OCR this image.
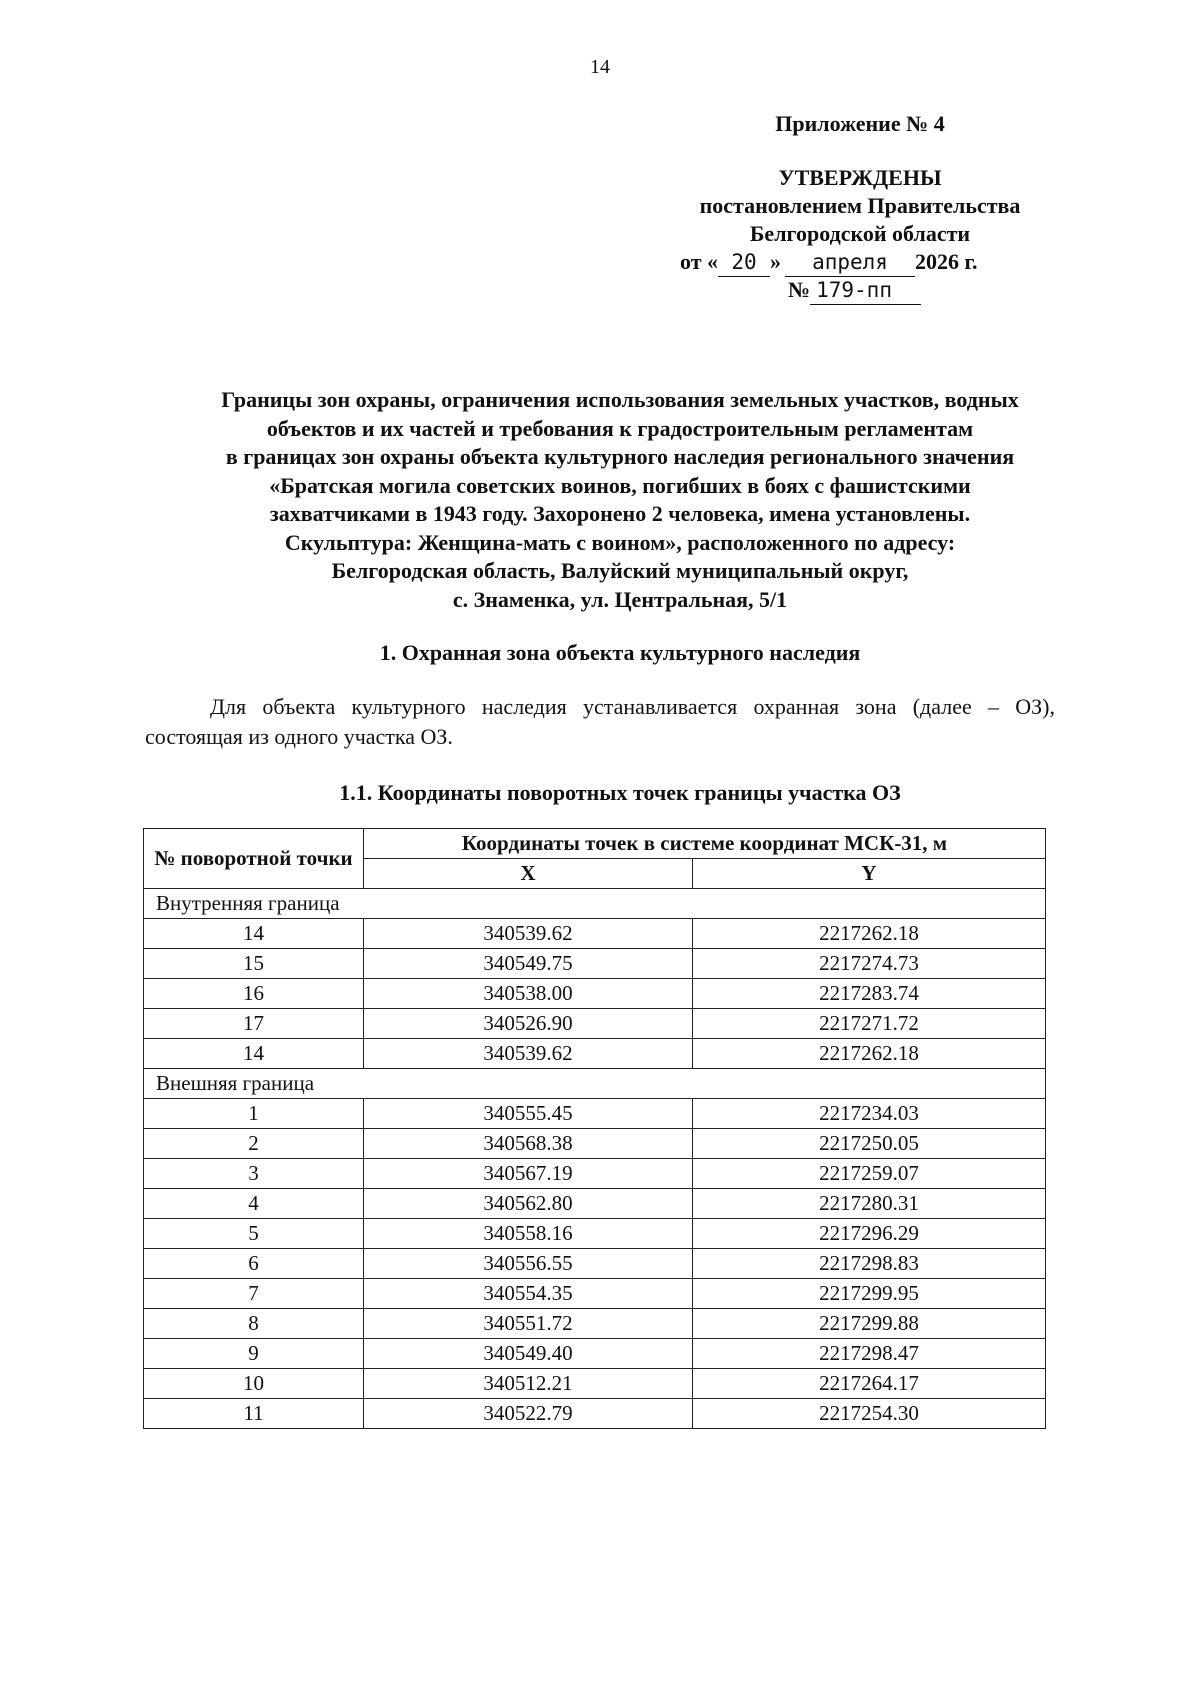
14
Приложение № 4
УТВЕРЖДЕНЫ
постановлением Правительства
Белгородской области
от « 20 » апреля 2026 г.
№ 179-пп
Границы зон охраны, ограничения использования земельных участков, водных
объектов и их частей и требования к градостроительным регламентам
в границах зон охраны объекта культурного наследия регионального значения
«Братская могила советских воинов, погибших в боях с фашистскими
захватчиками в 1943 году. Захоронено 2 человека, имена установлены.
Скульптура: Женщина-мать с воином», расположенного по адресу:
Белгородская область, Валуйский муниципальный округ,
с. Знаменка, ул. Центральная, 5/1
1. Охранная зона объекта культурного наследия
Для объекта культурного наследия устанавливается охранная зона (далее – ОЗ), состоящая из одного участка ОЗ.
1.1. Координаты поворотных точек границы участка ОЗ
№ поворотной точки	Координаты точек в системе координат МСК-31, м	
	X	Y
Внутренняя граница		
14	340539.62	2217262.18
15	340549.75	2217274.73
16	340538.00	2217283.74
17	340526.90	2217271.72
14	340539.62	2217262.18
Внешняя граница		
1	340555.45	2217234.03
2	340568.38	2217250.05
3	340567.19	2217259.07
4	340562.80	2217280.31
5	340558.16	2217296.29
6	340556.55	2217298.83
7	340554.35	2217299.95
8	340551.72	2217299.88
9	340549.40	2217298.47
10	340512.21	2217264.17
11	340522.79	2217254.30
